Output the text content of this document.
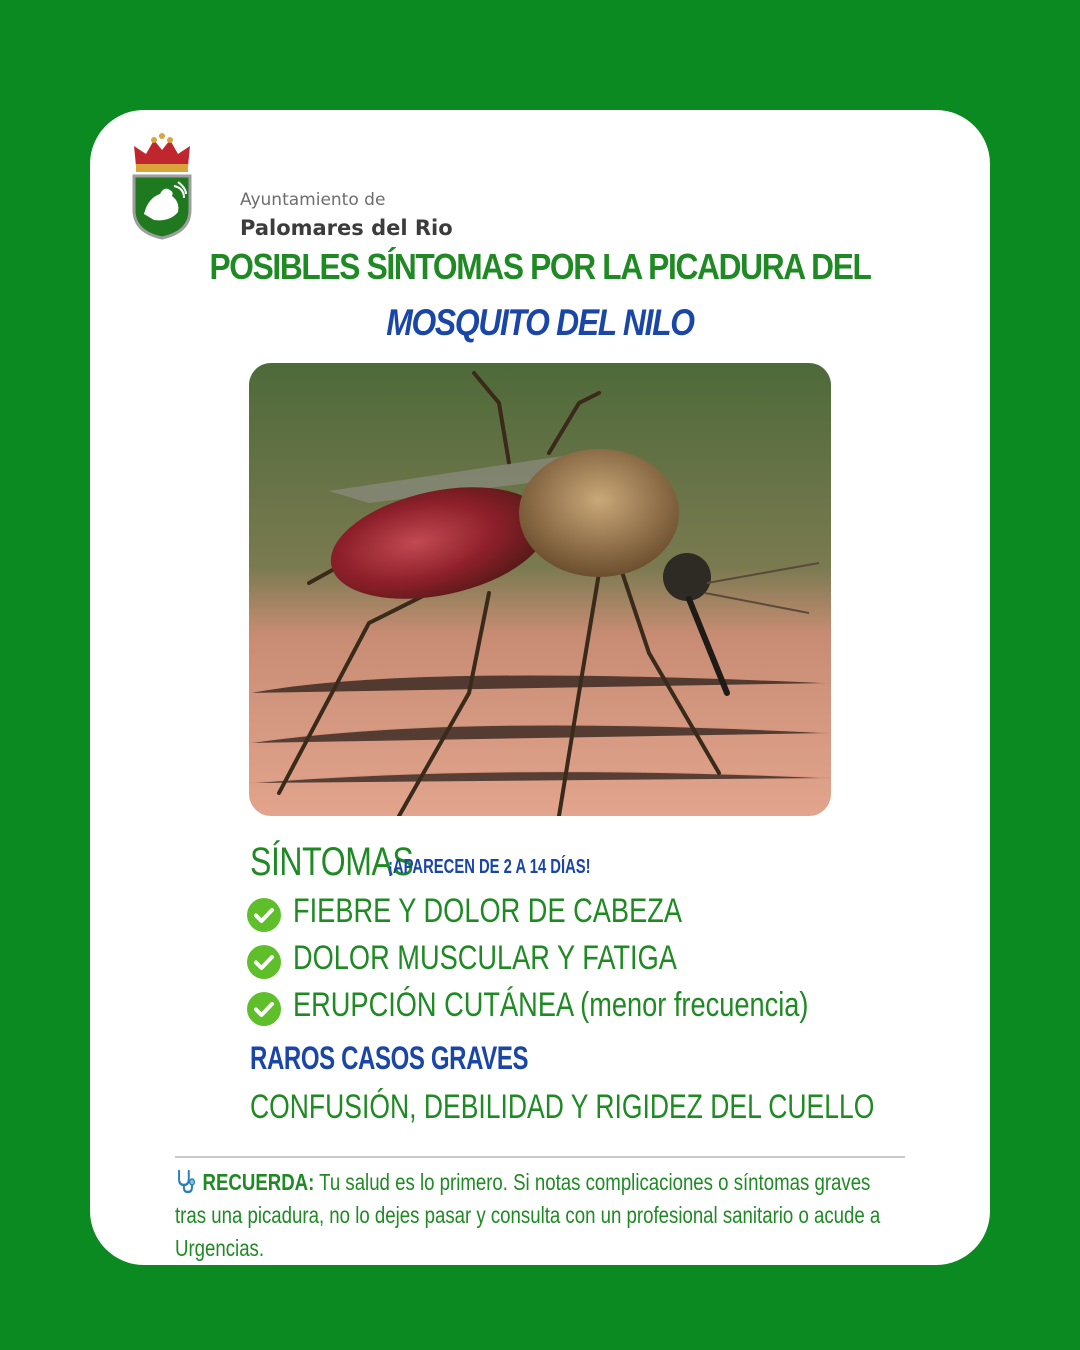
Ayuntamiento de
Palomares del Rio
POSIBLES SÍNTOMAS POR LA PICADURA DEL
MOSQUITO DEL NILO
SÍNTOMAS
¡APARECEN DE 2 A 14 DÍAS!
FIEBRE Y DOLOR DE CABEZA
DOLOR MUSCULAR Y FATIGA
ERUPCIÓN CUTÁNEA (menor frecuencia)
RAROS CASOS GRAVES
CONFUSIÓN, DEBILIDAD Y RIGIDEZ DEL CUELLO
RECUERDA: Tu salud es lo primero. Si notas complicaciones o síntomas graves tras una picadura, no lo dejes pasar y consulta con un profesional sanitario o acude a Urgencias.
